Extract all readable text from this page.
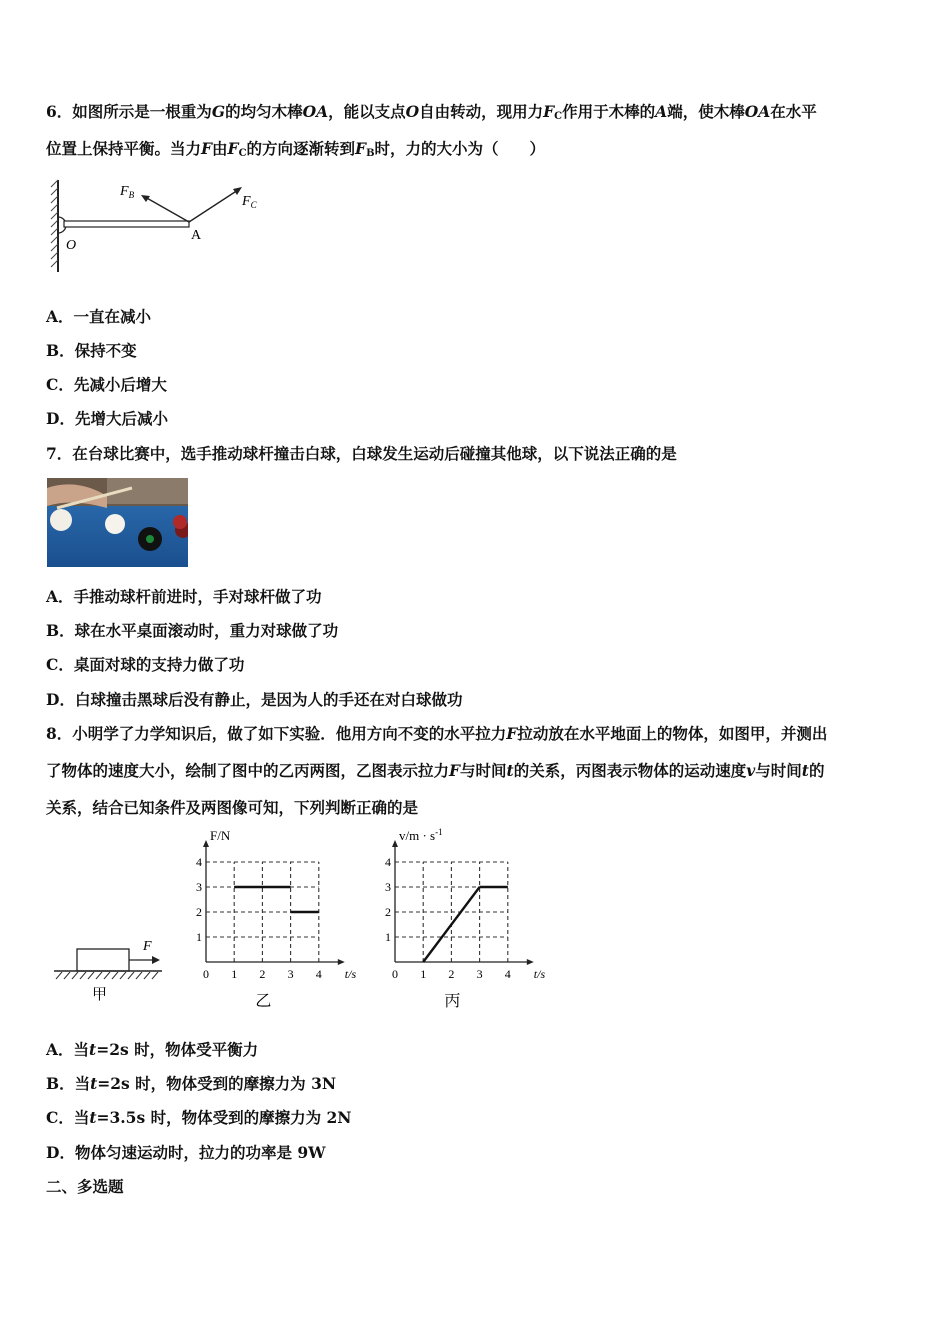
6．如图所示是一根重为G的均匀木棒OA，能以支点O自由转动，现用力$F_C$作用于木棒的A端，使木棒OA在水平
位置上保持平衡。当力F由$F_C$的方向逐渐转到$F_B$时，力的大小为（　　）
$F_B$	$F_C$
O
A
A．一直在减小
B．保持不变
C．先减小后增大
D．先增大后减小
7．在台球比赛中，选手推动球杆撞击白球，白球发生运动后碰撞其他球，以下说法正确的是
A．手推动球杆前进时，手对球杆做了功
B．球在水平桌面滚动时，重力对球做了功
C．桌面对球的支持力做了功
D．白球撞击黑球后没有静止，是因为人的手还在对白球做功
8．小明学了力学知识后，做了如下实验．他用方向不变的水平拉力F拉动放在水平地面上的物体，如图甲，并测出
了物体的速度大小，绘制了图中的乙丙两图，乙图表示拉力F与时间t的关系，丙图表示物体的运动速度v与时间t的
关系，结合已知条件及两图像可知，下列判断正确的是
F
甲
0 1 2 3 4
1
2
3
4
t/s
F/N
乙
0 1 2 3 4
1
2
3
4
t/s
$v/m \cdot s^{-1}$
丙
A．当t=2s 时，物体受平衡力
B．当t=2s 时，物体受到的摩擦力为 3N
C．当t=3.5s 时，物体受到的摩擦力为 2N
D．物体匀速运动时，拉力的功率是 9W
二、多选题
